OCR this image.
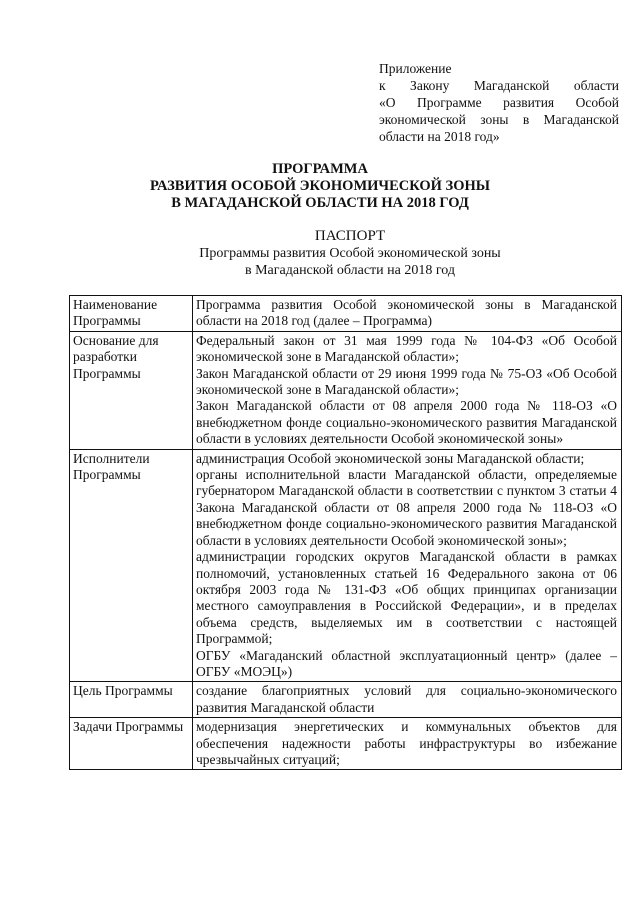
Приложение
к Закону Магаданской области
«О Программе развития Особой экономической зоны в Магаданской области на 2018 год»
ПРОГРАММА
РАЗВИТИЯ ОСОБОЙ ЭКОНОМИЧЕСКОЙ ЗОНЫ
В МАГАДАНСКОЙ ОБЛАСТИ НА 2018 ГОД
ПАСПОРТ
Программы развития Особой экономической зоны
в Магаданской области на 2018 год
Наименование Программы	Программа развития Особой экономической зоны в Магаданской области на 2018 год (далее – Программа)

Основание для разработки Программы	Федеральный закон от 31 мая 1999 года № 104-ФЗ «Об Особой экономической зоне в Магаданской области»;

Закон Магаданской области от 29 июня 1999 года № 75-ОЗ «Об Особой экономической зоне в Магаданской области»;

Закон Магаданской области от 08 апреля 2000 года № 118-ОЗ «О внебюджетном фонде социально-экономического развития Магаданской области в условиях деятельности Особой экономической зоны»

Исполнители Программы	администрация Особой экономической зоны Магаданской области;

органы исполнительной власти Магаданской области, определяемые губернатором Магаданской области в соответствии с пунктом 3 статьи 4 Закона Магаданской области от 08 апреля 2000 года № 118-ОЗ «О внебюджетном фонде социально-экономического развития Магаданской области в условиях деятельности Особой экономической зоны»;

администрации городских округов Магаданской области в рамках полномочий, установленных статьей 16 Федерального закона от 06 октября 2003 года № 131-ФЗ «Об общих принципах организации местного самоуправления в Российской Федерации», и в пределах объема средств, выделяемых им в соответствии с настоящей Программой;

ОГБУ «Магаданский областной эксплуатационный центр» (далее – ОГБУ «МОЭЦ»)

Цель Программы	создание благоприятных условий для социально-экономического развития Магаданской области

Задачи Программы	модернизация энергетических и коммунальных объектов для обеспечения надежности работы инфраструктуры во избежание чрезвычайных ситуаций;
